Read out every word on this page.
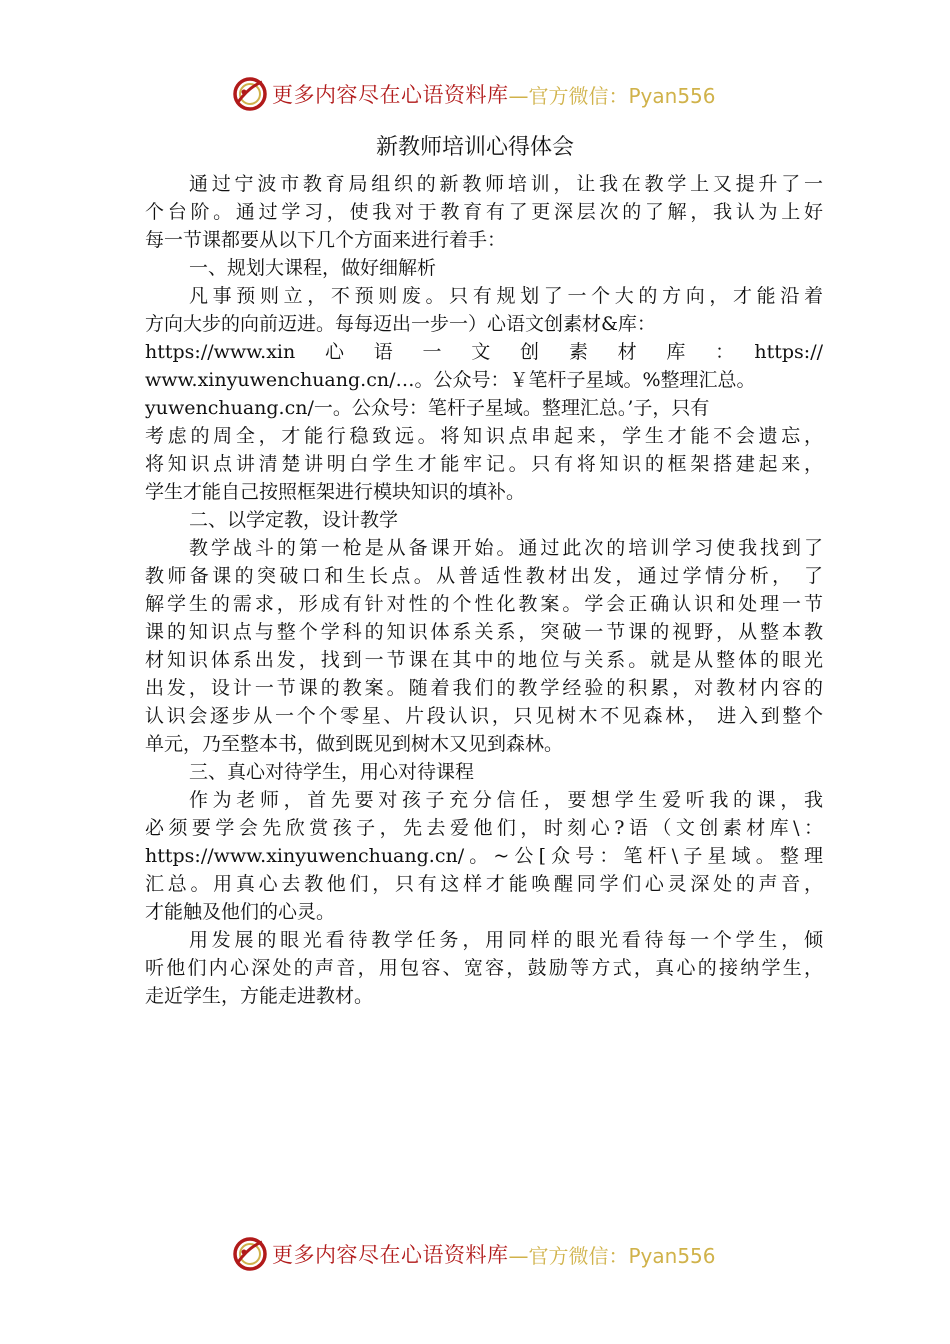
更多内容尽在心语资料库 —官方微信：Pyan556
新教师培训心得体会
通过宁波市教育局组织的新教师培训，让我在教学上又提升了一
个台阶。通过学习，使我对于教育有了更深层次的了解，我认为上好
每一节课都要从以下几个方面来进行着手：
一、规划大课程，做好细解析
凡事预则立，不预则废。只有规划了一个大的方向，才能沿着
方向大步的向前迈进。每每迈出一步一）心语文创素材&库：
https://www.xin　心　语　一　文　创　素　材　库　：　https://
www.xinyuwenchuang.cn/…。公众号：￥笔杆子星域。%整理汇总。
yuwenchuang.cn/一。公众号：笔杆子星域。整理汇总。’子，只有
考虑的周全，才能行稳致远。将知识点串起来，学生才能不会遗忘，
将知识点讲清楚讲明白学生才能牢记。只有将知识的框架搭建起来，
学生才能自己按照框架进行模块知识的填补。
二、以学定教，设计教学
教学战斗的第一枪是从备课开始。通过此次的培训学习使我找到了
教师备课的突破口和生长点。从普适性教材出发，通过学情分析， 了
解学生的需求，形成有针对性的个性化教案。学会正确认识和处理一节
课的知识点与整个学科的知识体系关系，突破一节课的视野，从整本教
材知识体系出发，找到一节课在其中的地位与关系。就是从整体的眼光
出发，设计一节课的教案。随着我们的教学经验的积累，对教材内容的
认识会逐步从一个个零星、片段认识，只见树木不见森林， 进入到整个
单元，乃至整本书，做到既见到树木又见到森林。
三、真心对待学生，用心对待课程
作为老师，首先要对孩子充分信任，要想学生爱听我的课，我
必须要学会先欣赏孩子，先去爱他们，时刻心?语（文创素材库\：
https://www.xinyuwenchuang.cn/。~公[众号：笔杆\子星域。整理
汇总。用真心去教他们，只有这样才能唤醒同学们心灵深处的声音，
才能触及他们的心灵。
用发展的眼光看待教学任务，用同样的眼光看待每一个学生，倾
听他们内心深处的声音，用包容、宽容，鼓励等方式，真心的接纳学生，
走近学生，方能走进教材。
更多内容尽在心语资料库 —官方微信：Pyan556
